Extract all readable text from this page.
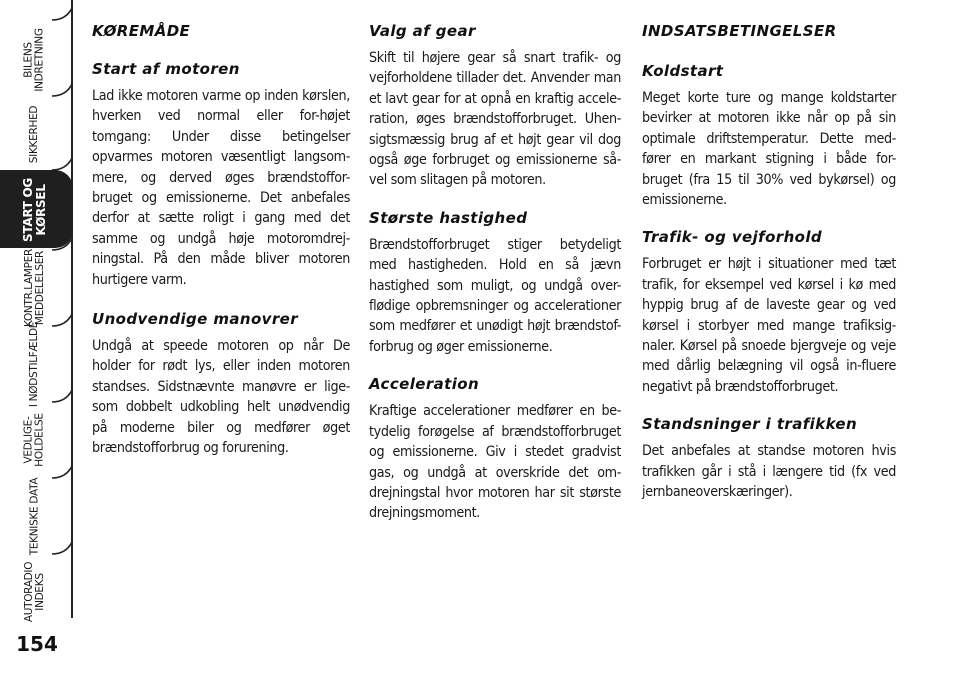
BILENS
INDRETNING
SIKKERHED
START OG
KØRSEL
KONTR.LAMPER
MEDDELELSER
I NØDSTILFÆLDE
VEDLIGE-
HOLDELSE
TEKNISKE DATA
AUTORADIO
INDEKS
154
KØREMÅDE
Start af motoren

Lad ikke motoren varme op inden kørslen, hverken ved normal eller for-højet tomgang: Under disse betingelser opvarmes motoren væsentligt langsom-mere, og derved øges brændstoffor-bruget og emissionerne. Det anbefales derfor at sætte roligt i gang med det samme og undgå høje motoromdrej-ningstal. På den måde bliver motoren hurtigere varm.

Unodvendige manovrer

Undgå at speede motoren op når De holder for rødt lys, eller inden motoren standses. Sidstnævnte manøvre er lige-som dobbelt udkobling helt unødvendig på moderne biler og medfører øget brændstofforbrug og forurening.

Valg af gear

Skift til højere gear så snart trafik- og vejforholdene tillader det. Anvender man et lavt gear for at opnå en kraftig accele-ration, øges brændstofforbruget. Uhen-sigtsmæssig brug af et højt gear vil dog også øge forbruget og emissionerne så-vel som slitagen på motoren.

Største hastighed

Brændstofforbruget stiger betydeligt med hastigheden. Hold en så jævn hastighed som muligt, og undgå over-flødige opbremsninger og accelerationer som medfører et unødigt højt brændstof-forbrug og øger emissionerne.

Acceleration

Kraftige accelerationer medfører en be-tydelig forøgelse af brændstofforbruget og emissionerne. Giv i stedet gradvist gas, og undgå at overskride det om-drejningstal hvor motoren har sit største drejningsmoment.

INDSATSBETINGELSER
Koldstart

Meget korte ture og mange koldstarter bevirker at motoren ikke når op på sin optimale driftstemperatur. Dette med-fører en markant stigning i både for-bruget (fra 15 til 30% ved bykørsel) og emissionerne.

Trafik- og vejforhold

Forbruget er højt i situationer med tæt trafik, for eksempel ved kørsel i kø med hyppig brug af de laveste gear og ved kørsel i storbyer med mange trafiksig-naler. Kørsel på snoede bjergveje og veje med dårlig belægning vil også in-fluere negativt på brændstofforbruget.

Standsninger i trafikken

Det anbefales at standse motoren hvis trafikken går i stå i længere tid (fx ved jernbaneoverskæringer).
